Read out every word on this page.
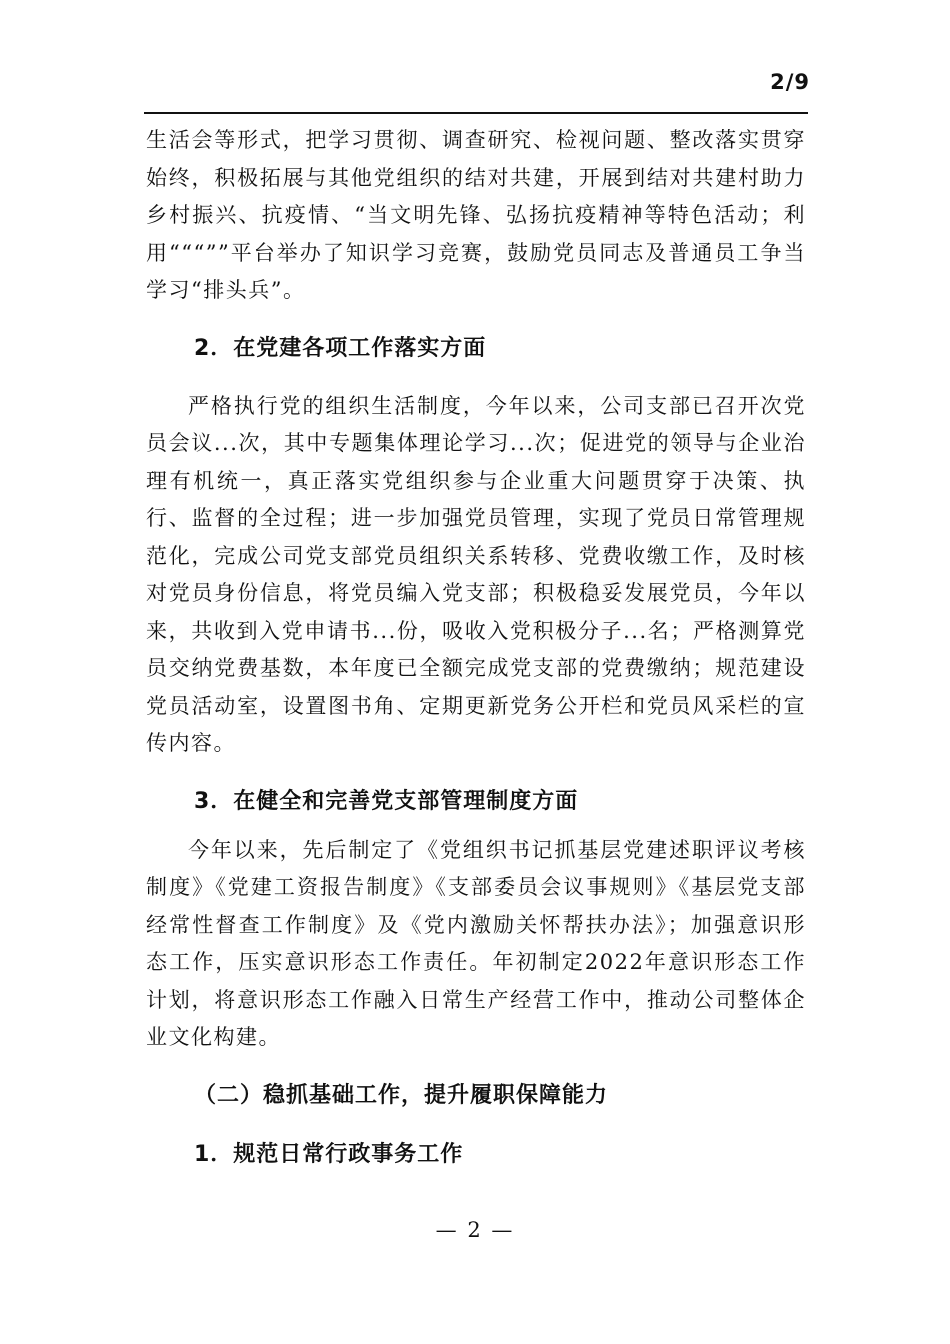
2/9

生活会等形式，把学习贯彻、调查研究、检视问题、整改落实贯穿始终，积极拓展与其他党组织的结对共建，开展到结对共建村助力乡村振兴、抗疫情、“当文明先锋、弘扬抗疫精神等特色活动；利用“““””平台举办了知识学习竞赛，鼓励党员同志及普通员工争当学习“排头兵”。

2．在党建各项工作落实方面

严格执行党的组织生活制度，今年以来，公司支部已召开次党员会议...次，其中专题集体理论学习...次；促进党的领导与企业治理有机统一，真正落实党组织参与企业重大问题贯穿于决策、执行、监督的全过程；进一步加强党员管理，实现了党员日常管理规范化，完成公司党支部党员组织关系转移、党费收缴工作，及时核对党员身份信息，将党员编入党支部；积极稳妥发展党员，今年以来，共收到入党申请书...份，吸收入党积极分子...名；严格测算党员交纳党费基数，本年度已全额完成党支部的党费缴纳；规范建设党员活动室，设置图书角、定期更新党务公开栏和党员风采栏的宣传内容。

3．在健全和完善党支部管理制度方面

今年以来，先后制定了《党组织书记抓基层党建述职评议考核制度》《党建工资报告制度》《支部委员会议事规则》《基层党支部经常性督查工作制度》及《党内激励关怀帮扶办法》；加强意识形态工作，压实意识形态工作责任。年初制定2022年意识形态工作计划，将意识形态工作融入日常生产经营工作中，推动公司整体企业文化构建。

（二）稳抓基础工作，提升履职保障能力
1．规范日常行政事务工作
— 2 —
